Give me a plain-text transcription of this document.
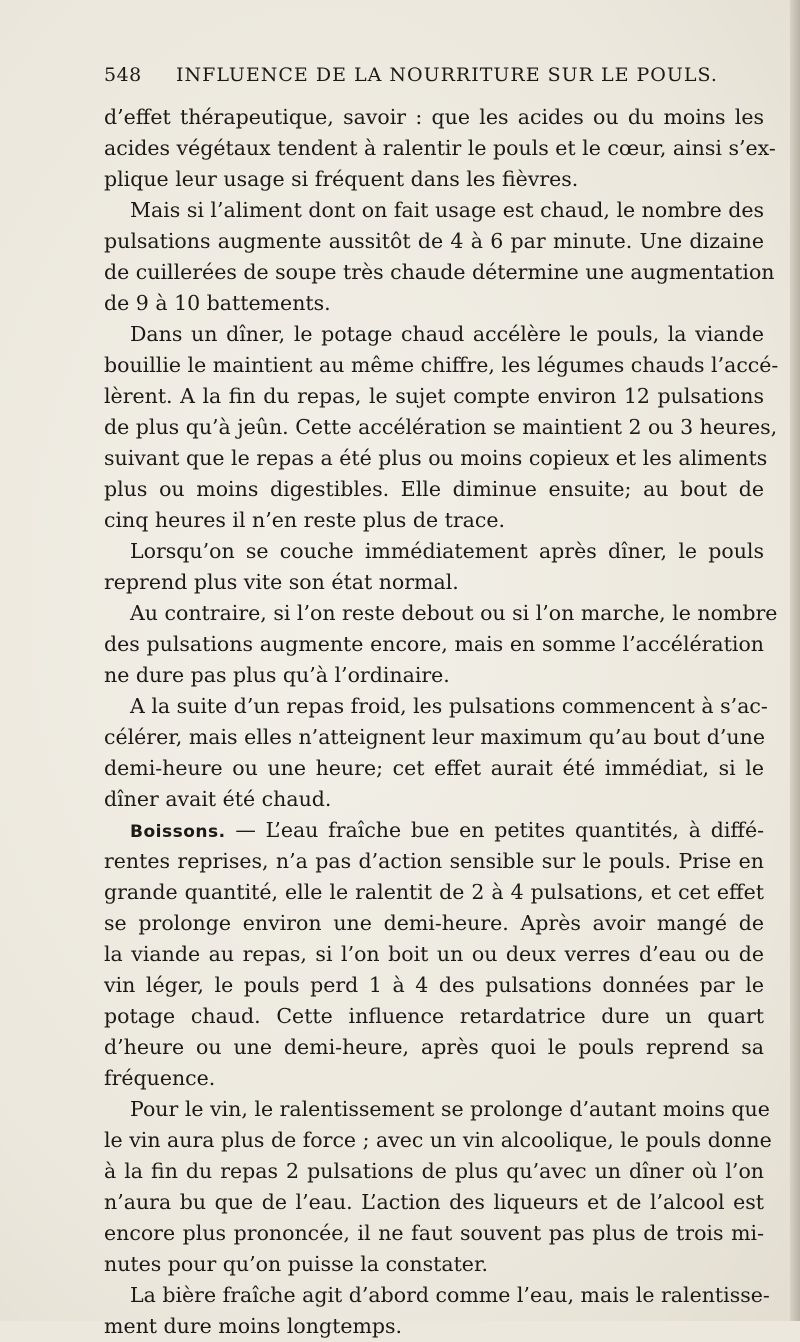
548 INFLUENCE DE LA NOURRITURE SUR LE POULS.
d’effet thérapeutique, savoir : que les acides ou du moins les
acides végétaux tendent à ralentir le pouls et le cœur, ainsi s’ex-
plique leur usage si fréquent dans les fièvres.
Mais si l’aliment dont on fait usage est chaud, le nombre des
pulsations augmente aussitôt de 4 à 6 par minute. Une dizaine
de cuillerées de soupe très chaude détermine une augmentation
de 9 à 10 battements.
Dans un dîner, le potage chaud accélère le pouls, la viande
bouillie le maintient au même chiffre, les légumes chauds l’accé-
lèrent. A la fin du repas, le sujet compte environ 12 pulsations
de plus qu’à jeûn. Cette accélération se maintient 2 ou 3 heures,
suivant que le repas a été plus ou moins copieux et les aliments
plus ou moins digestibles. Elle diminue ensuite; au bout de
cinq heures il n’en reste plus de trace.
Lorsqu’on se couche immédiatement après dîner, le pouls
reprend plus vite son état normal.
Au contraire, si l’on reste debout ou si l’on marche, le nombre
des pulsations augmente encore, mais en somme l’accélération
ne dure pas plus qu’à l’ordinaire.
A la suite d’un repas froid, les pulsations commencent à s’ac-
célérer, mais elles n’atteignent leur maximum qu’au bout d’une
demi-heure ou une heure; cet effet aurait été immédiat, si le
dîner avait été chaud.
Boissons. — L’eau fraîche bue en petites quantités, à diffé-
rentes reprises, n’a pas d’action sensible sur le pouls. Prise en
grande quantité, elle le ralentit de 2 à 4 pulsations, et cet effet
se prolonge environ une demi-heure. Après avoir mangé de
la viande au repas, si l’on boit un ou deux verres d’eau ou de
vin léger, le pouls perd 1 à 4 des pulsations données par le
potage chaud. Cette influence retardatrice dure un quart
d’heure ou une demi-heure, après quoi le pouls reprend sa
fréquence.
Pour le vin, le ralentissement se prolonge d’autant moins que
le vin aura plus de force ; avec un vin alcoolique, le pouls donne
à la fin du repas 2 pulsations de plus qu’avec un dîner où l’on
n’aura bu que de l’eau. L’action des liqueurs et de l’alcool est
encore plus prononcée, il ne faut souvent pas plus de trois mi-
nutes pour qu’on puisse la constater.
La bière fraîche agit d’abord comme l’eau, mais le ralentisse-
ment dure moins longtemps.
